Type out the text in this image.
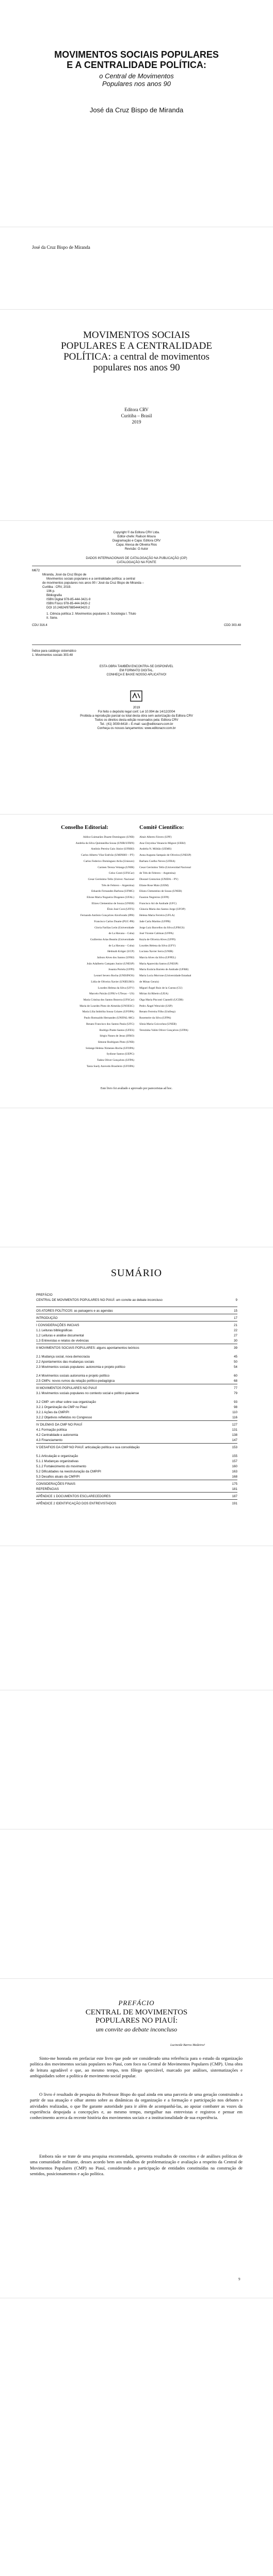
MOVIMENTOS SOCIAIS POPULARES
E A CENTRALIDADE POLÍTICA:
o Central de Movimentos
Populares nos anos 90
José da Cruz Bispo de Miranda
José da Cruz Bispo de Miranda
MOVIMENTOS SOCIAIS
POPULARES E A CENTRALIDADE
POLÍTICA: a central de movimentos
populares nos anos 90
Editora CRV
Curitiba – Brasil
2019
Copyright © da Editora CRV Ltda.
Editor-chefe: Railson Moura
Diagramação e Capa: Editora CRV
Capa: Alexsa de Oliveira Rios
Revisão: O Autor
DADOS INTERNACIONAIS DE CATALOGAÇÃO NA PUBLICAÇÃO (CIP)
CATALOGAÇÃO NA FONTE
M672
Miranda, José da Cruz Bispo de
Movimentos sociais populares e a centralidade política: a central
de movimentos populares nos anos 90 / José da Cruz Bispo de Miranda –
Curitiba : CRV, 2019.
196 p.
Bibliografia
ISBN Digital 978-85-444-3421-9
ISBN Físico 978-85-444-3420-2
DOI 10.24824/978854443420.2
1. Ciência política 2. Movimentos populares 3. Sociologia I. Título
II. Série.
CDU 316.4	CDD 303.48
Índice para catálogo sistemático
1. Movimentos sociais 303.48
ESTA OBRA TAMBÉM ENCONTRA-SE DISPONÍVEL
EM FORMATO DIGITAL.
CONHEÇA E BAIXE NOSSO APLICATIVO!
2019
Foi feito o depósito legal conf. Lei 10.994 de 14/12/2004
Proibida a reprodução parcial ou total desta obra sem autorização da Editora CRV
Todos os direitos desta edição reservados pela: Editora CRV
Tel.: (41) 3039-6418 – E-mail: sac@editoracrv.com.br
Conheça os nossos lançamentos: www.editoracrv.com.br
Conselho Editorial:	Comitê Científico:
Aldira Guimarães Duarte Domínguez (UNB)
Andréia da Silva Quintanilha Sousa (UNIR/UFRN)
Antônio Pereira Gaio Júnior (UFRRJ)
Carlos Alberto Vilar Estêvão (UMINHO – PT)
Carlos Federico Dominguez Avila (Unieuro)
Carmen Tereza Velanga (UNIR)
Celso Conti (UFSCar)
Cesar Gerónimo Tello (Univer. Nacional
Três de Febrero – Argentina)
Eduardo Fernandes Barbosa (UFMG)
Elione Maria Nogueira Diogenes (UFAL)
Elizeu Clementino de Souza (UNEB)
Élsio José Corá (UFFS)
Fernando Antônio Gonçalves Alcoforado (IPB)
Francisco Carlos Duarte (PUC-PR)
Gloria Fariñas León (Universidade
de La Havana – Cuba)
Guillermo Arias Beatón (Universidade
de La Havana – Cuba)
Helmuth Krüger (UCP)
Jailson Alves dos Santos (UFRJ)
João Adalberto Campato Junior (UNESP)
Josania Portela (UFPI)
Leonel Severo Rocha (UNISINOS)
Lídia de Oliveira Xavier (UNIEURO)
Lourdes Helena da Silva (UFV)
Marcelo Paixão (UFRJ e UTexas – US)
Maria Cristina dos Santos Bezerra (UFSCar)
Maria de Lourdes Pinto de Almeida (UNOESC)
Maria Lília Imbiriba Sousa Colares (UFOPA)
Paulo Romualdo Hernandes (UNIFAL-MG)
Renato Francisco dos Santos Paula (UFG)
Rodrigo Pratte-Santos (UFES)
Sérgio Nunes de Jesus (IFRO)
Simone Rodrigues Pinto (UNB)
Solange Helena Ximenes-Rocha (UFOPA)
Sydione Santos (UEPG)
Tadeu Oliver Gonçalves (UFPA)
Tania Suely Azevedo Brasileiro (UFOPA)
Altair Alberto Fávero (UPF)
Ana Chrystina Venancio Mignot (UERJ)
Andréia N. Militão (UEMS)
Anna Augusta Sampaio de Oliveira (UNESP)
Barbara Coelho Neves (UFBA)
Cesar Gerónimo Tello (Universidad Nacional
de Três de Febrero – Argentina)
Diosnel Centurion (UNIDA – PY)
Eliane Rose Maio (UEM)
Elizeu Clementino de Souza (UNEB)
Fauston Negreiros (UFPI)
Francisco Ari de Andrade (UFC)
Gláucia Maria dos Santos Jorge (UFOP)
Helena Maria Ferreira (UFLA)
Jade Carla Martins (UFPR)
Jorge Luiz Barcellos da Silva (UFRGS)
José Vicente Caliman (UFPA)
Keyla de Oliveira Alves (UFPI)
Lourdes Helena da Silva (UFV)
Luciana Xavier Serra (UNIR)
Marcia Alves da Silva (UFPEL)
Maria Aparecida Santos (UNESP)
Maria Eurácia Barreto de Andrade (UFRB)
Maria Lucia Morrone (Universidade Estadual
de Minas Gerais)
Miguel Ángel Ruiz de la Cuesta (CU)
Mirian Sá Ribeiro (UEA)
Olga Maria Pisconti Ciantelli (UCDB)
Pedro Ángel Wencisle (USP)
Renato Ferreira Filho (Unifesp)
Rosemeire da Silva (UFPA)
Sônia Maria Goicochea (UNEB)
Terezinha Valim Oliver Gonçalves (UFPA)
Este livro foi avaliado e aprovado por pareceristas ad hoc.
SUMÁRIO
PREFÁCIO
CENTRAL DE MOVIMENTOS POPULARES NO PIAUÍ: um convite ao debate inconcluso	9
OS ATORES POLÍTICOS: as paisagens e as agendas	15
INTRODUÇÃO	17
I CONSIDERAÇÕES INICIAIS	21
1.1 Leituras bibliográficas	22
1.2 Leituras e análise documental	27
1.3 Entrevistas e relatos de vivências	30
II MOVIMENTOS SOCIAIS POPULARES: alguns apontamentos teóricos	39
2.1 Mudança social, nova democracia	45
2.2 Apontamentos das mudanças sociais	50
2.3 Movimentos sociais populares: autonomia e projeto político	54
2.4 Movimentos sociais autonomia e projeto político	60
2.5 CMPs: novos rumos da relação político-pedagógica	68
III MOVIMENTOS POPULARES NO PIAUÍ	77
3.1 Movimentos sociais populares no contexto social e político piauiense	79
3.2 CMP: um olhar sobre sua organização	93
3.2.1 Organização da CMP no Piauí	98
3.2.1 Ações da CMP/PI	110
3.2.2 Objetivos refletidos no Congresso	116
IV DILEMAS DA CMP NO PIAUÍ	127
4.1 Formação política	131
4.2 Centralidade e autonomia	138
4.3 Financiamento	147
V DESAFIOS DA CMP NO PIAUÍ: articulação política e sua consolidação	153
5.1 Articulação e organização	155
5.1.1 Mudanças organizativas	157
5.1.2 Fortalecimento do movimento	160
5.2 Dificuldades na reestruturação da CMP/PI	163
5.3 Desafios atuais da CMP/PI	168
CONSIDERAÇÕES FINAIS	175
REFERÊNCIAS	181
APÊNDICE 1 DOCUMENTOS ESCLARECEDORES	187
APÊNDICE 2 IDENTIFICAÇÃO DOS ENTREVISTADOS	191
PREFÁCIO
CENTRAL DE MOVIMENTOS
POPULARES NO PIAUÍ:
um convite ao debate inconcluso
Lucineide Barros Medeiros¹
Sinto-me honrada em prefaciar este livro que pode ser considerado uma referência para o estudo da organização política dos movimentos sociais populares no Piauí, com foco na Central de Movimentos Populares (CMP). Uma obra de leitura agradável e que, ao mesmo tempo, tem fôlego apreciável, marcado por análises, sistematizações e ambiguidades sobre a política de movimento social popular.
O livro é resultado de pesquisa do Professor Bispo do qual ainda em uma parceria de uma geração construindo a partir de sua atuação e olhar atento sobre as dinâmicas da organização e a formação e participação nos debates e atividades realizadas, o que lhe garante autoridade para ir além de acompanhá-las, ao apoiar combater as vozes da experiência despojada a concepções e, ao mesmo tempo, mergulhar nas entrevistas e registros e pensar em conhecimento acerca da recente história dos movimentos sociais e a institucionalidade de sua experiência.
Embora não se trate de uma pesquisa encomendada, apresenta resultados de conceitos e de análises políticas de uma comunidade militante, desses acordo bem aos trabalhos de problematização e avaliação a respeito da Central de Movimentos Populares (CMP) no Piauí, considerando a participação de entidades constituídas na construção de sentidos, posicionamentos e ação política.
9
